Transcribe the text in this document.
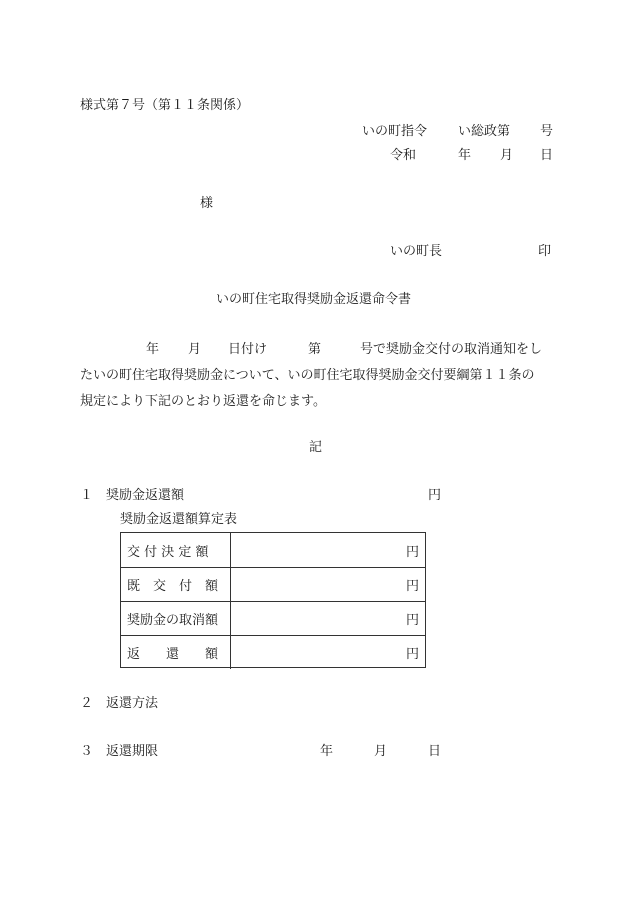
様式第７号（第１１条関係）
いの町指令 い総政第 号
令和	年 月 日
様
いの町長	印
いの町住宅取得奨励金返還命令書
年 月 日付け	第	号で奨励金交付の取消通知をし
たいの町住宅取得奨励金について、いの町住宅取得奨励金交付要綱第１１条の
規定により下記のとおり返還を命じます。
記
１ 奨励金返還額	円
奨励金返還額算定表
交 付 決 定 額	円
既　交　付　額	円
奨励金の取消額	円
返　　還　　額	円
２ 返還方法
３ 返還期限	年	月	日
